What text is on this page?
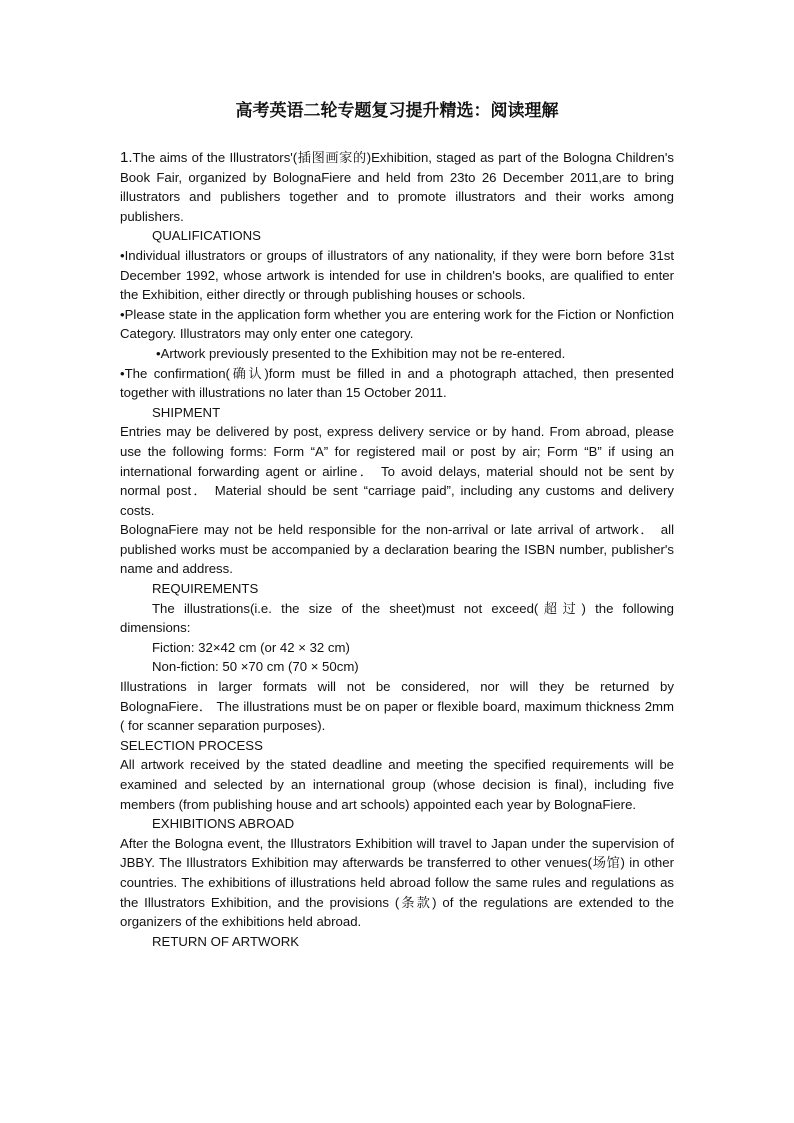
高考英语二轮专题复习提升精选：阅读理解

1.The aims of the Illustrators'(插图画家的)Exhibition, staged as part of the Bologna Children's Book Fair, organized by BolognaFiere and held from 23to 26 December 2011,are to bring illustrators and publishers together and to promote illustrators and their works among publishers.

QUALIFICATIONS

•Individual illustrators or groups of illustrators of any nationality, if they were born before 31st December 1992, whose artwork is intended for use in children's books, are qualified to enter the Exhibition, either directly or through publishing houses or schools.

•Please state in the application form whether you are entering work for the Fiction or Nonfiction Category. Illustrators may only enter one category.

•Artwork previously presented to the Exhibition may not be re-entered.

•The confirmation(确认)form must be filled in and a photograph attached, then presented together with illustrations no later than 15 October 2011.

SHIPMENT

Entries may be delivered by post, express delivery service or by hand. From abroad, please use the following forms: Form “A” for registered mail or post by air; Form “B” if using an international forwarding agent or airline． To avoid delays, material should not be sent by normal post． Material should be sent “carriage paid”, including any customs and delivery costs.

BolognaFiere may not be held responsible for the non-arrival or late arrival of artwork． all published works must be accompanied by a declaration bearing the ISBN number, publisher's name and address.

REQUIREMENTS

The illustrations(i.e. the size of the sheet)must not exceed(超过) the following dimensions:

Fiction: 32×42 cm (or 42 × 32 cm)

Non-fiction: 50 ×70 cm (70 × 50cm)

Illustrations in larger formats will not be considered, nor will they be returned by BolognaFiere． The illustrations must be on paper or flexible board, maximum thickness 2mm ( for scanner separation purposes).

SELECTION PROCESS

All artwork received by the stated deadline and meeting the specified requirements will be examined and selected by an international group (whose decision is final), including five members (from publishing house and art schools) appointed each year by BolognaFiere.

EXHIBITIONS ABROAD

After the Bologna event, the Illustrators Exhibition will travel to Japan under the supervision of JBBY. The Illustrators Exhibition may afterwards be transferred to other venues(场馆) in other countries. The exhibitions of illustrations held abroad follow the same rules and regulations as the Illustrators Exhibition, and the provisions (条款) of the regulations are extended to the organizers of the exhibitions held abroad.

RETURN OF ARTWORK
